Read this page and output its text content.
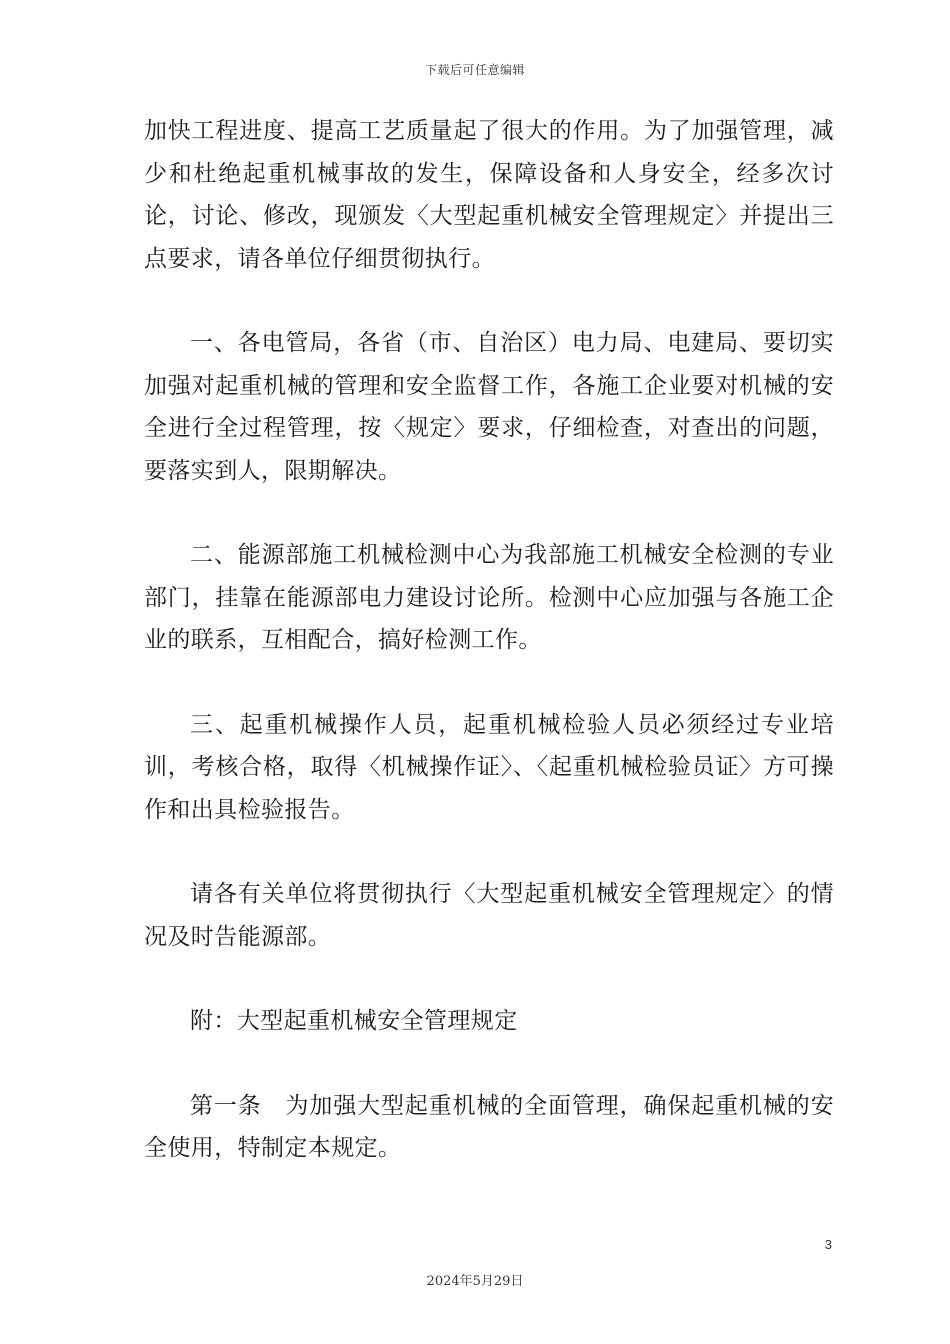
下载后可任意编辑

加快工程进度、提高工艺质量起了很大的作用。为了加强管理，减少和杜绝起重机械事故的发生，保障设备和人身安全，经多次讨论，讨论、修改，现颁发〈大型起重机械安全管理规定〉并提出三点要求，请各单位仔细贯彻执行。

一、各电管局，各省（市、自治区）电力局、电建局、要切实加强对起重机械的管理和安全监督工作，各施工企业要对机械的安全进行全过程管理，按〈规定〉要求，仔细检查，对查出的问题，要落实到人，限期解决。

二、能源部施工机械检测中心为我部施工机械安全检测的专业部门，挂靠在能源部电力建设讨论所。检测中心应加强与各施工企业的联系，互相配合，搞好检测工作。

三、起重机械操作人员，起重机械检验人员必须经过专业培训，考核合格，取得〈机械操作证〉、〈起重机械检验员证〉方可操作和出具检验报告。

请各有关单位将贯彻执行〈大型起重机械安全管理规定〉的情况及时告能源部。

附：大型起重机械安全管理规定

第一条　为加强大型起重机械的全面管理，确保起重机械的安全使用，特制定本规定。

3
2024年5月29日
